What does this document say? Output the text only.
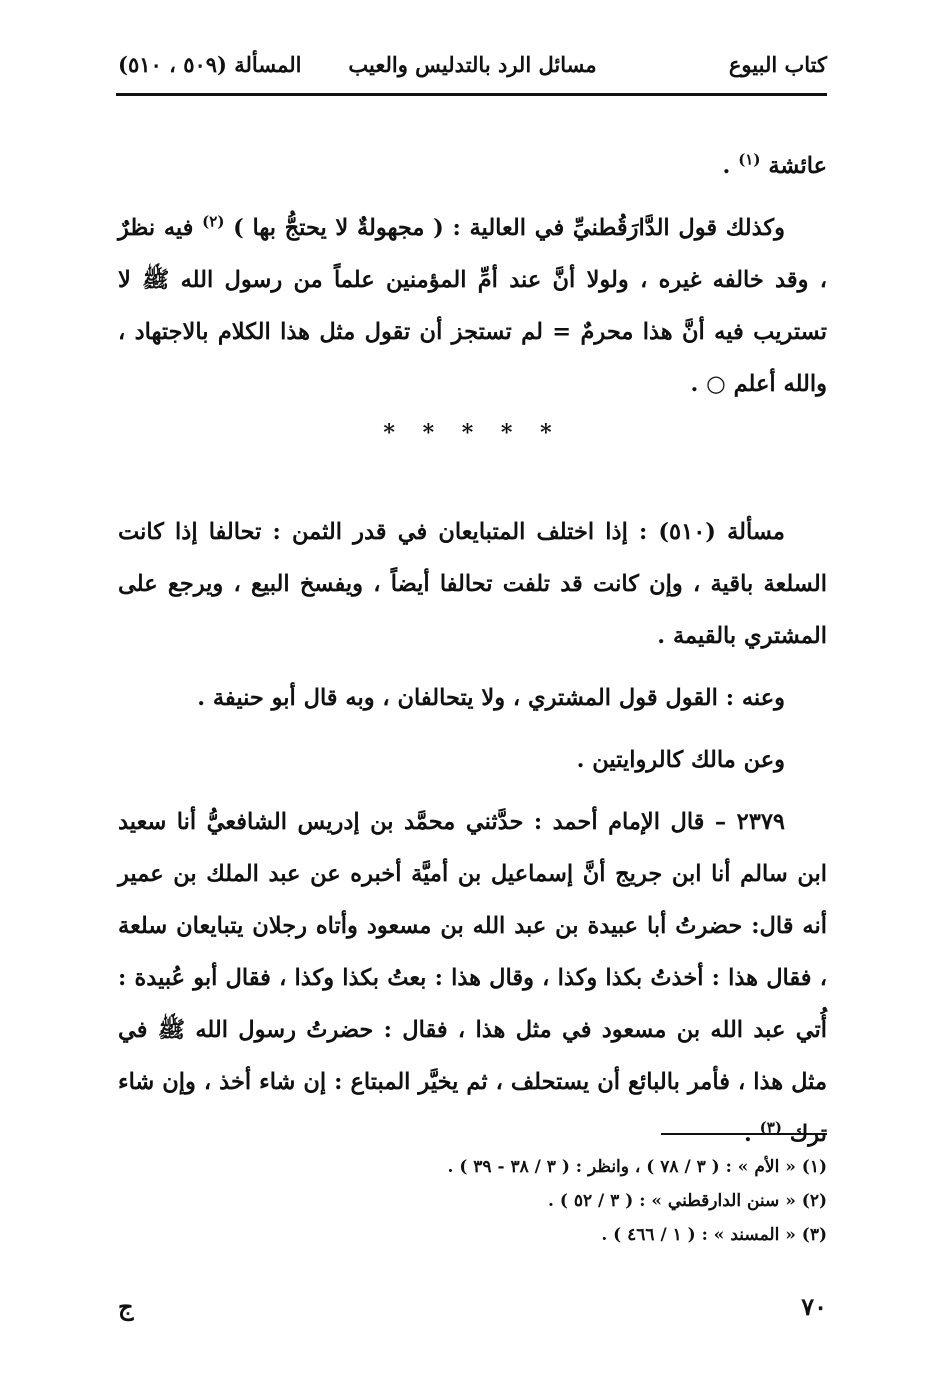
كتاب البيوع
مسائل الرد بالتدليس والعيب
المسألة (٥٠٩ ، ٥١٠)

عائشة $^{(١)}$ .

وكذلك قول الدَّارَقُطنيِّ في العالية : ( مجهولةٌ لا يحتجُّ بها ) $^{(٢)}$ فيه نظرٌ ، وقد خالفه غيره ، ولولا أنَّ عند أمِّ المؤمنين علماً من رسول الله ﷺ لا تستريب فيه أنَّ هذا محرمٌ = لم تستجز أن تقول مثل هذا الكلام بالاجتهاد ، والله أعلم ○ .

* * * * *

مسألة (٥١٠) : إذا اختلف المتبايعان في قدر الثمن : تحالفا إذا كانت السلعة باقية ، وإن كانت قد تلفت تحالفا أيضاً ، ويفسخ البيع ، ويرجع على المشتري بالقيمة .

وعنه : القول قول المشتري ، ولا يتحالفان ، وبه قال أبو حنيفة .

وعن مالك كالروايتين .

٢٣٧٩ – قال الإمام أحمد : حدَّثني محمَّد بن إدريس الشافعيُّ أنا سعيد ابن سالم أنا ابن جريج أنَّ إسماعيل بن أميَّة أخبره عن عبد الملك بن عمير أنه قال: حضرتُ أبا عبيدة بن عبد الله بن مسعود وأتاه رجلان يتبايعان سلعة ، فقال هذا : أخذتُ بكذا وكذا ، وقال هذا : بعتُ بكذا وكذا ، فقال أبو عُبيدة : أُتي عبد الله بن مسعود في مثل هذا ، فقال : حضرتُ رسول الله ﷺ في مثل هذا ، فأمر بالبائع أن يستحلف ، ثم يخيَّر المبتاع : إن شاء أخذ ، وإن شاء ترك $^{(٣)}$ .

(١) « الأم » : ( ٣ / ٧٨ ) ، وانظر : ( ٣ / ٣٨ - ٣٩ ) .
(٢) « سنن الدارقطني » : ( ٣ / ٥٢ ) .
(٣) « المسند » : ( ١ / ٤٦٦ ) .
٧٠
ج
